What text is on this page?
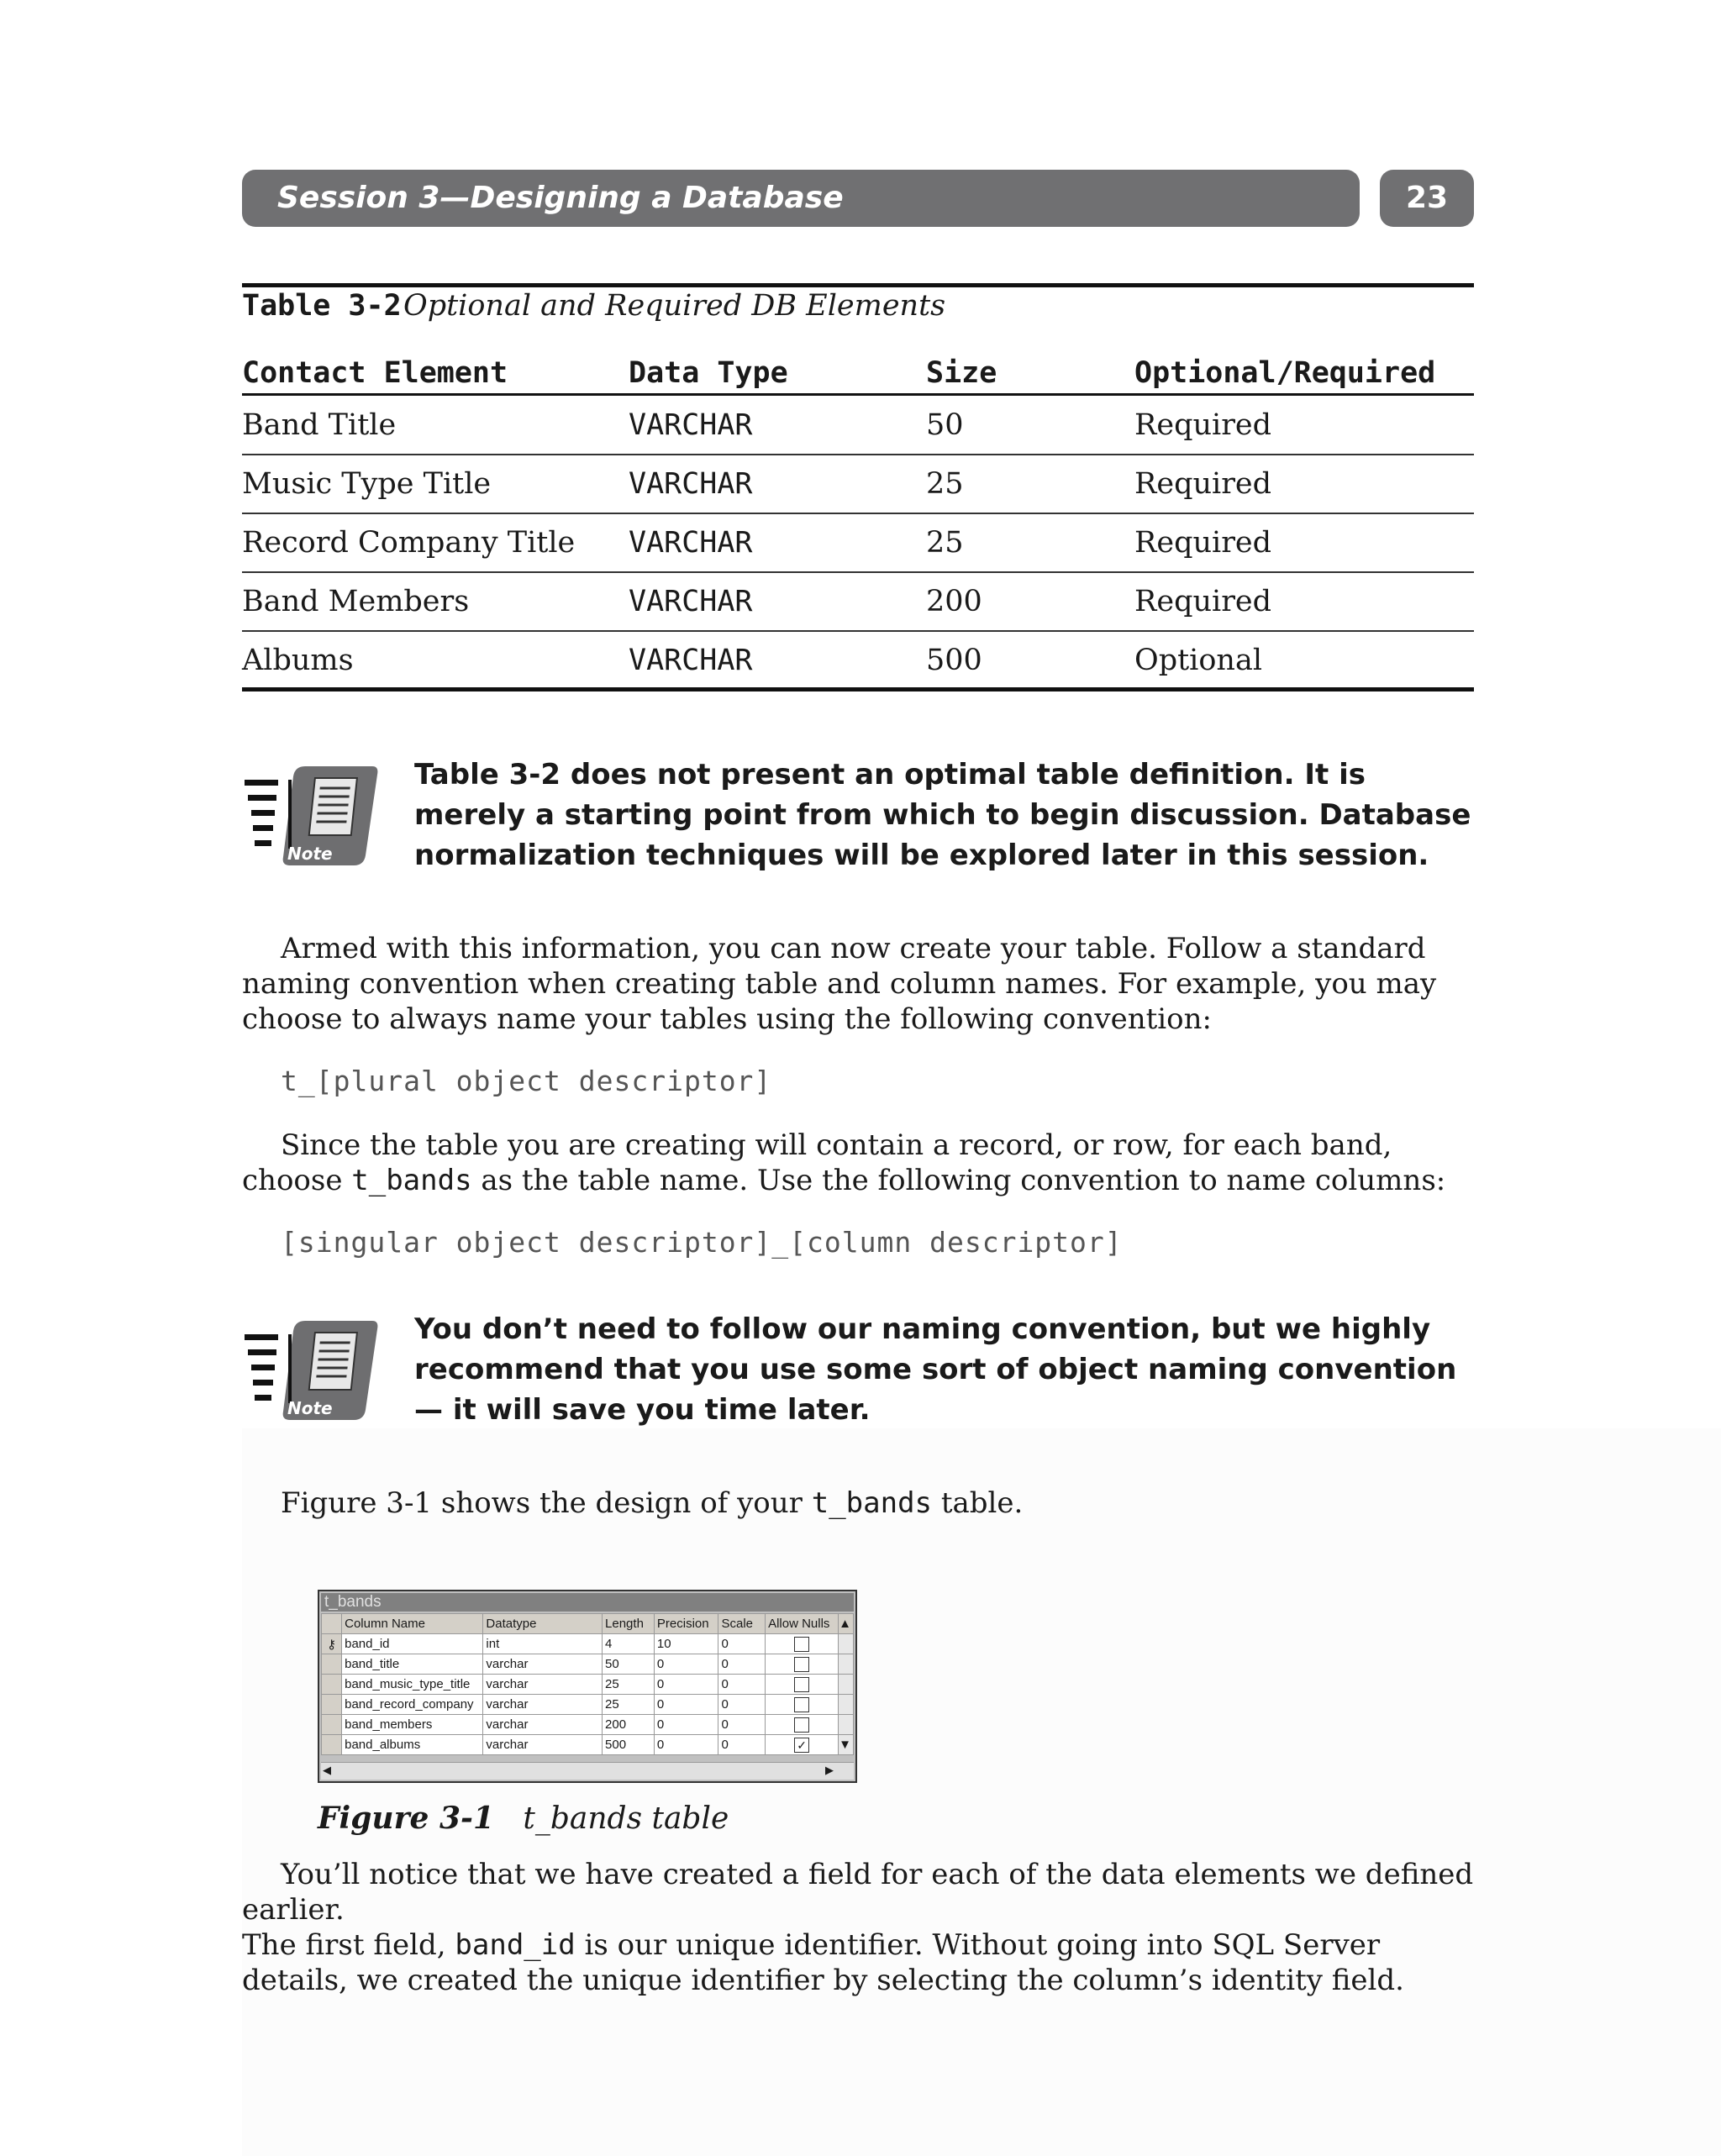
Session 3—Designing a Database	23
Table 3-2 Optional and Required DB Elements
Contact Element	Data Type	Size	Optional/Required
Band Title	VARCHAR	50	Required
Music Type Title	VARCHAR	25	Required
Record Company Title VARCHAR	25	Required
Band Members	VARCHAR	200	Required
Albums	VARCHAR	500	Optional
Note
Table 3-2 does not present an optimal table definition. It is merely a starting point from which to begin discussion. Database normalization techniques will be explored later in this session.
Armed with this information, you can now create your table. Follow a standard naming convention when creating table and column names. For example, you may choose to always name your tables using the following convention:
t_[plural object descriptor]
Since the table you are creating will contain a record, or row, for each band, choose t_bands as the table name. Use the following convention to name columns:
[singular object descriptor]_[column descriptor]
Note
You don’t need to follow our naming convention, but we highly recommend that you use some sort of object naming convention — it will save you time later.
Figure 3-1 shows the design of your t_bands table.
t_bands
	Column Name	Datatype	Length	Precision	Scale	Allow Nulls	▲
⚷	band_id	int	4	10	0		
	band_title	varchar	50	0	0		
	band_music_type_title	varchar	25	0	0		
	band_record_company	varchar	25	0	0		
	band_members	varchar	200	0	0		
	band_albums	varchar	500	0	0	✓	▼
◀	▶
Figure 3-1 t_bands table
You’ll notice that we have created a field for each of the data elements we defined earlier.
The first field, band_id is our unique identifier. Without going into SQL Server details, we created the unique identifier by selecting the column’s identity field.
